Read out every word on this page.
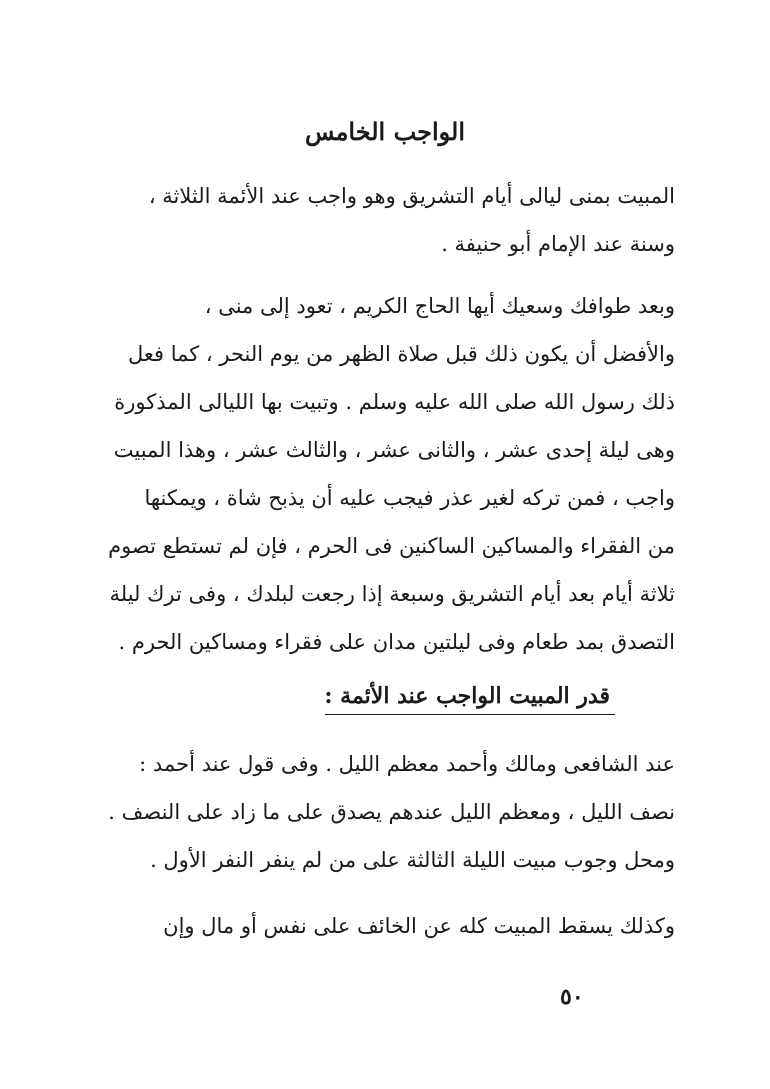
الواجب الخامس
المبيت بمنى ليالى أيام التشريق وهو واجب عند الأئمة الثلاثة ،
وسنة عند الإمام أبو حنيفة .
وبعد طوافك وسعيك أيها الحاج الكريم ، تعود إلى منى ،
والأفضل أن يكون ذلك قبل صلاة الظهر من يوم النحر ، كما فعل
ذلك رسول الله صلى الله عليه وسلم . وتبيت بها الليالى المذكورة
وهى ليلة إحدى عشر ، والثانى عشر ، والثالث عشر ، وهذا المبيت
واجب ، فمن تركه لغير عذر فيجب عليه أن يذبح شاة ، ويمكنها
من الفقراء والمساكين الساكنين فى الحرم ، فإن لم تستطع تصوم
ثلاثة أيام بعد أيام التشريق وسبعة إذا رجعت لبلدك ، وفى ترك ليلة
التصدق بمد طعام وفى ليلتين مدان على فقراء ومساكين الحرم .
قدر المبيت الواجب عند الأئمة :
عند الشافعى ومالك وأحمد معظم الليل . وفى قول عند أحمد :
نصف الليل ، ومعظم الليل عندهم يصدق على ما زاد على النصف .
ومحل وجوب مبيت الليلة الثالثة على من لم ينفر النفر الأول .
وكذلك يسقط المبيت كله عن الخائف على نفس أو مال وإن
٥٠
